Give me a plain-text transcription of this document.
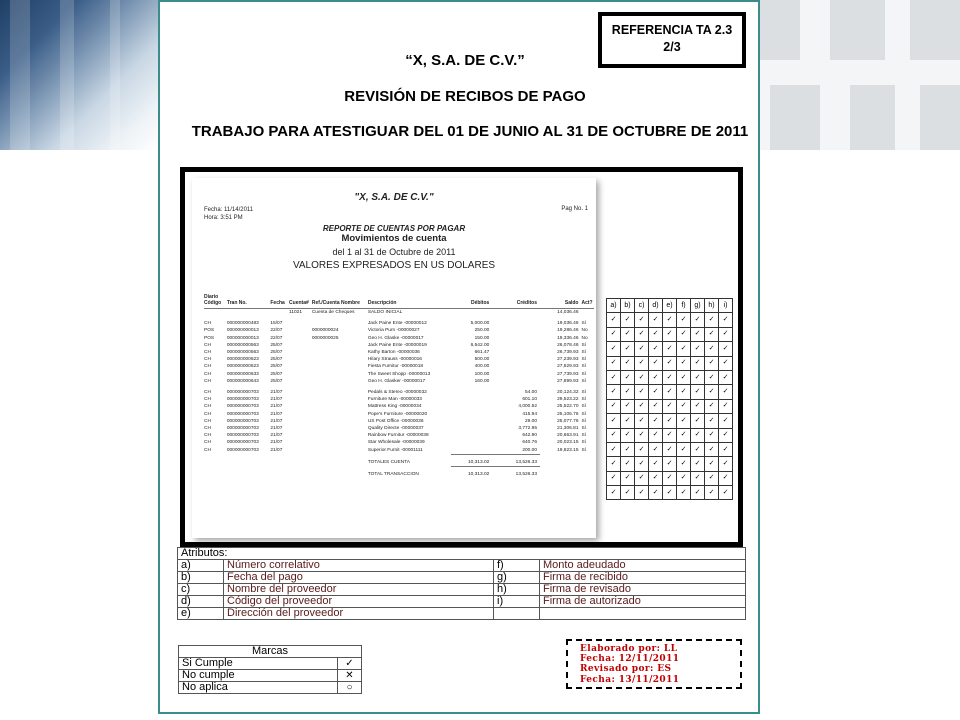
REFERENCIA TA 2.3
2/3
“X, S.A. DE C.V.”
REVISIÓN DE RECIBOS DE PAGO
TRABAJO PARA ATESTIGUAR DEL 01 DE JUNIO AL 31 DE OCTUBRE DE 2011
"X, S.A. DE C.V."
Fecha: 11/14/2011
Hora: 3:51 PM
Pag No. 1
REPORTE DE CUENTAS POR PAGAR
Movimientos de cuenta
del 1 al 31 de Octubre de 2011
VALORES EXPRESADOS EN US DOLARES
Diario Código	Tran No.	Fecha	Cuenta#	Ref./Cuenta Nombre	Descripción	Débitos	Créditos	Saldo	Act?
			11021	Cuenta de Cheques	SALDO INICIAL			14,036.46	

CH	000000000483	15/07			Jack Paine Ente -00000012	5,000.00		19,036.46	Sí
POS	000000000013	22/07		0000000024	Victoria Purn -00000027	250.00		19,286.46	No
POS	000000000013	22/07		0000000025	Geo H. Glaske -00000017	150.00		19,336.46	No
CH	000000000563	25/07			Jack Paine Ente -00000019	6,542.00		26,078.46	Sí
CH	000000000563	25/07			Kathy Barton -00000036	661.47		26,739.93	Sí
CH	000000000623	25/07			Hilary Strauss -00000016	500.00		27,239.93	Sí
CH	000000000623	25/07			Fiesta Furnitur -00000018	400.00		27,629.93	Sí
CH	000000000633	25/07			The Sweet Shopp -00000013	100.00		27,739.93	Sí
CH	000000000643	25/07			Geo H. Glasker -00000017	160.00		27,899.93	Sí

CH	000000000703	21/07			Pedals & Stereo -00000032		54.00	20,124.32	Sí
CH	000000000703	21/07			Furniture Man -00000033		601.10	29,523.22	Sí
CH	000000000703	21/07			Mattress King -00000034		4,000.52	25,522.70	Sí
CH	000000000703	21/07			Pope's Furniture -00000020		415.94	25,106.76	Sí
CH	000000000703	21/07			US Post Office -00000036		29.00	25,077.76	Sí
CH	000000000703	21/07			Quality Directe -00000037		3,772.95	21,306.81	Sí
CH	000000000703	21/07			Rainbow Furnitur -00000038		642.90	20,663.91	Sí
CH	000000000703	21/07			Star Wholesale -00000039		640.76	20,023.15	Sí
CH	000000000703	21/07			Superior Furnit -00001111		200.00	19,823.15	Sí
					TOTALES CUENTA	10,313.02	13,526.33		
					TOTAL TRANSACCION	10,313.02	13,526.33		
a)	b)	c)	d)	e)	f)	g)	h)	i)
✓	✓	✓	✓	✓	✓	✓	✓	✓
✓	✓	✓	✓	✓	✓	✓	✓	✓
✓	✓	✓	✓	✓	✓	✓	✓	✓
✓	✓	✓	✓	✓	✓	✓	✓	✓
✓	✓	✓	✓	✓	✓	✓	✓	✓
✓	✓	✓	✓	✓	✓	✓	✓	✓
✓	✓	✓	✓	✓	✓	✓	✓	✓
✓	✓	✓	✓	✓	✓	✓	✓	✓
✓	✓	✓	✓	✓	✓	✓	✓	✓
✓	✓	✓	✓	✓	✓	✓	✓	✓
✓	✓	✓	✓	✓	✓	✓	✓	✓
✓	✓	✓	✓	✓	✓	✓	✓	✓
✓	✓	✓	✓	✓	✓	✓	✓	✓
Atributos:			
a)	Número correlativo	f)	Monto adeudado
b)	Fecha del pago	g)	Firma de recibido
c)	Nombre del proveedor	h)	Firma de revisado
d)	Código del proveedor	i)	Firma de autorizado
e)	Dirección del proveedor		
Marcas	
Si Cumple	✓
No cumple	✕
No aplica	○
Elaborado por: LL
Fecha: 12/11/2011
Revisado por: ES
Fecha: 13/11/2011
